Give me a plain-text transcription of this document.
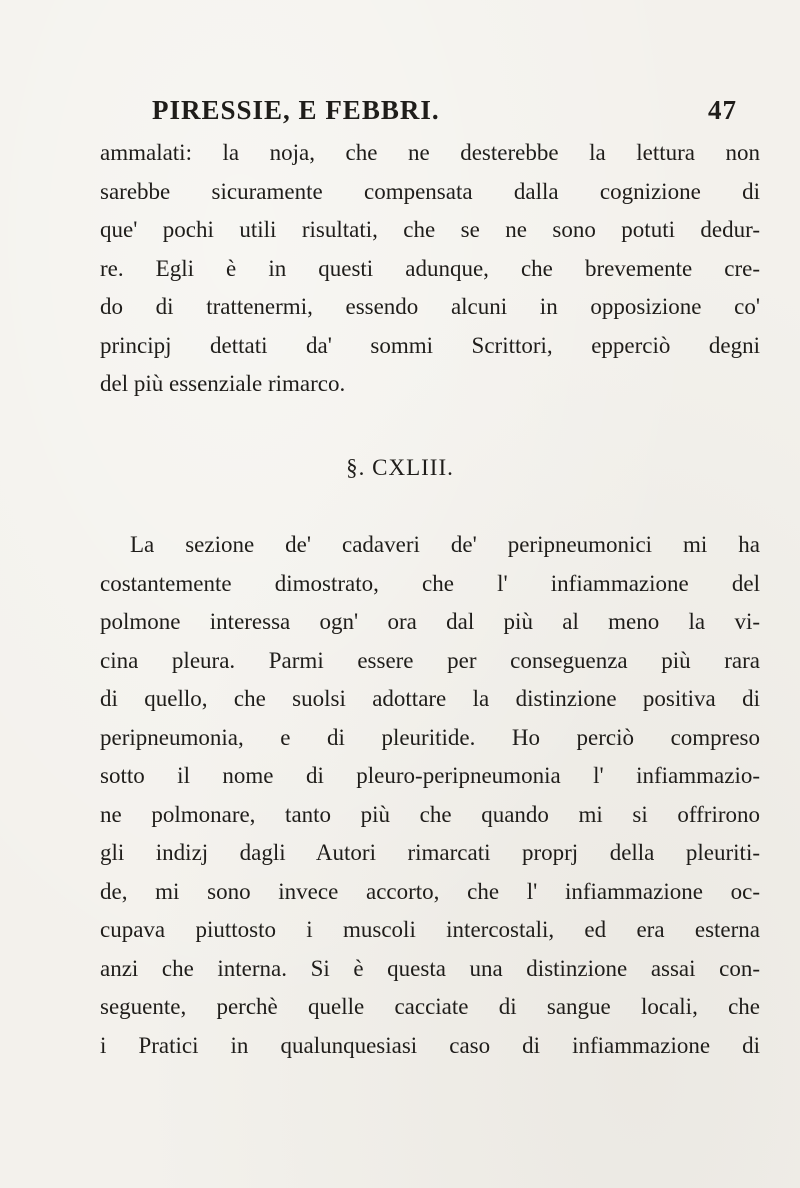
PIRESSIE, E FEBBRI.	47
ammalati: la noja, che ne desterebbe la lettura non
sarebbe sicuramente compensata dalla cognizione di
que' pochi utili risultati, che se ne sono potuti dedur-
re. Egli è in questi adunque, che brevemente cre-
do di trattenermi, essendo alcuni in opposizione co'
principj dettati da' sommi Scrittori, epperciò degni
del più essenziale rimarco.
§. CXLIII.
La sezione de' cadaveri de' peripneumonici mi ha
costantemente dimostrato, che l' infiammazione del
polmone interessa ogn' ora dal più al meno la vi-
cina pleura. Parmi essere per conseguenza più rara
di quello, che suolsi adottare la distinzione positiva di
peripneumonia, e di pleuritide. Ho perciò compreso
sotto il nome di pleuro-peripneumonia l' infiammazio-
ne polmonare, tanto più che quando mi si offrirono
gli indizj dagli Autori rimarcati proprj della pleuriti-
de, mi sono invece accorto, che l' infiammazione oc-
cupava piuttosto i muscoli intercostali, ed era esterna
anzi che interna. Si è questa una distinzione assai con-
seguente, perchè quelle cacciate di sangue locali, che
i Pratici in qualunquesiasi caso di infiammazione di
